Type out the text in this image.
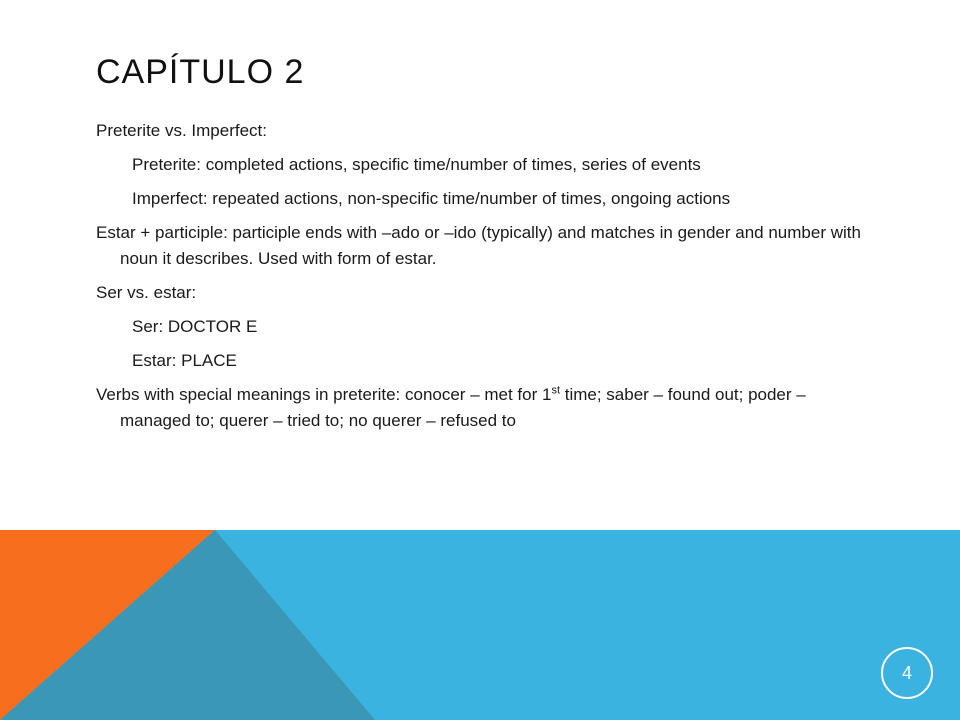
CAPÍTULO 2

Preterite vs. Imperfect:

Preterite: completed actions, specific time/number of times, series of events

Imperfect: repeated actions, non-specific time/number of times, ongoing actions

Estar + participle: participle ends with –ado or –ido (typically) and matches in gender and number with noun it describes. Used with form of estar.

Ser vs. estar:

Ser: DOCTOR E

Estar: PLACE

Verbs with special meanings in preterite: conocer – met for 1st time; saber – found out; poder – managed to; querer – tried to; no querer – refused to

4
